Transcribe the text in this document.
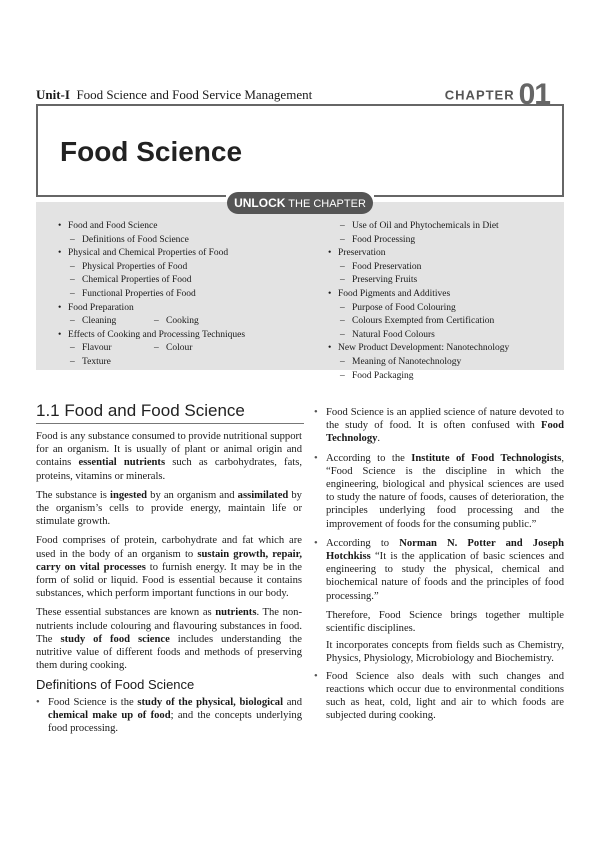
Unit-I Food Science and Food Service Management	CHAPTER 01
Food Science
• Food and Food Science
– Definitions of Food Science
• Physical and Chemical Properties of Food
– Physical Properties of Food
– Chemical Properties of Food
– Functional Properties of Food
• Food Preparation
– Cleaning	– Cooking
• Effects of Cooking and Processing Techniques
– Flavour	– Colour
– Texture
– Use of Oil and Phytochemicals in Diet
– Food Processing
• Preservation
– Food Preservation
– Preserving Fruits
• Food Pigments and Additives
– Purpose of Food Colouring
– Colours Exempted from Certification
– Natural Food Colours
• New Product Development: Nanotechnology
– Meaning of Nanotechnology
– Food Packaging
UNLOCK THE CHAPTER
1.1 Food and Food Science

Food is any substance consumed to provide nutritional support for an organism. It is usually of plant or animal origin and contains essential nutrients such as carbohydrates, fats, proteins, vitamins or minerals.

The substance is ingested by an organism and assimilated by the organism’s cells to provide energy, maintain life or stimulate growth.

Food comprises of protein, carbohydrate and fat which are used in the body of an organism to sustain growth, repair, carry on vital processes to furnish energy. It may be in the form of solid or liquid. Food is essential because it contains substances, which perform important functions in our body.

These essential substances are known as nutrients. The non-nutrients include colouring and flavouring substances in food. The study of food science includes understanding the nutritive value of different foods and methods of preserving them during cooking.

Definitions of Food Science

• Food Science is the study of the physical, biological and chemical make up of food; and the concepts underlying food processing.

• Food Science is an applied science of nature devoted to the study of food. It is often confused with Food Technology.

• According to the Institute of Food Technologists, “Food Science is the discipline in which the engineering, biological and physical sciences are used to study the nature of foods, causes of deterioration, the principles underlying food processing and the improvement of foods for the consuming public.”

• According to Norman N. Potter and Joseph Hotchkiss “It is the application of basic sciences and engineering to study the physical, chemical and biochemical nature of foods and the principles of food processing.”

Therefore, Food Science brings together multiple scientific disciplines.

It incorporates concepts from fields such as Chemistry, Physics, Physiology, Microbiology and Biochemistry.

• Food Science also deals with such changes and reactions which occur due to environmental conditions such as heat, cold, light and air to which foods are subjected during cooking.
